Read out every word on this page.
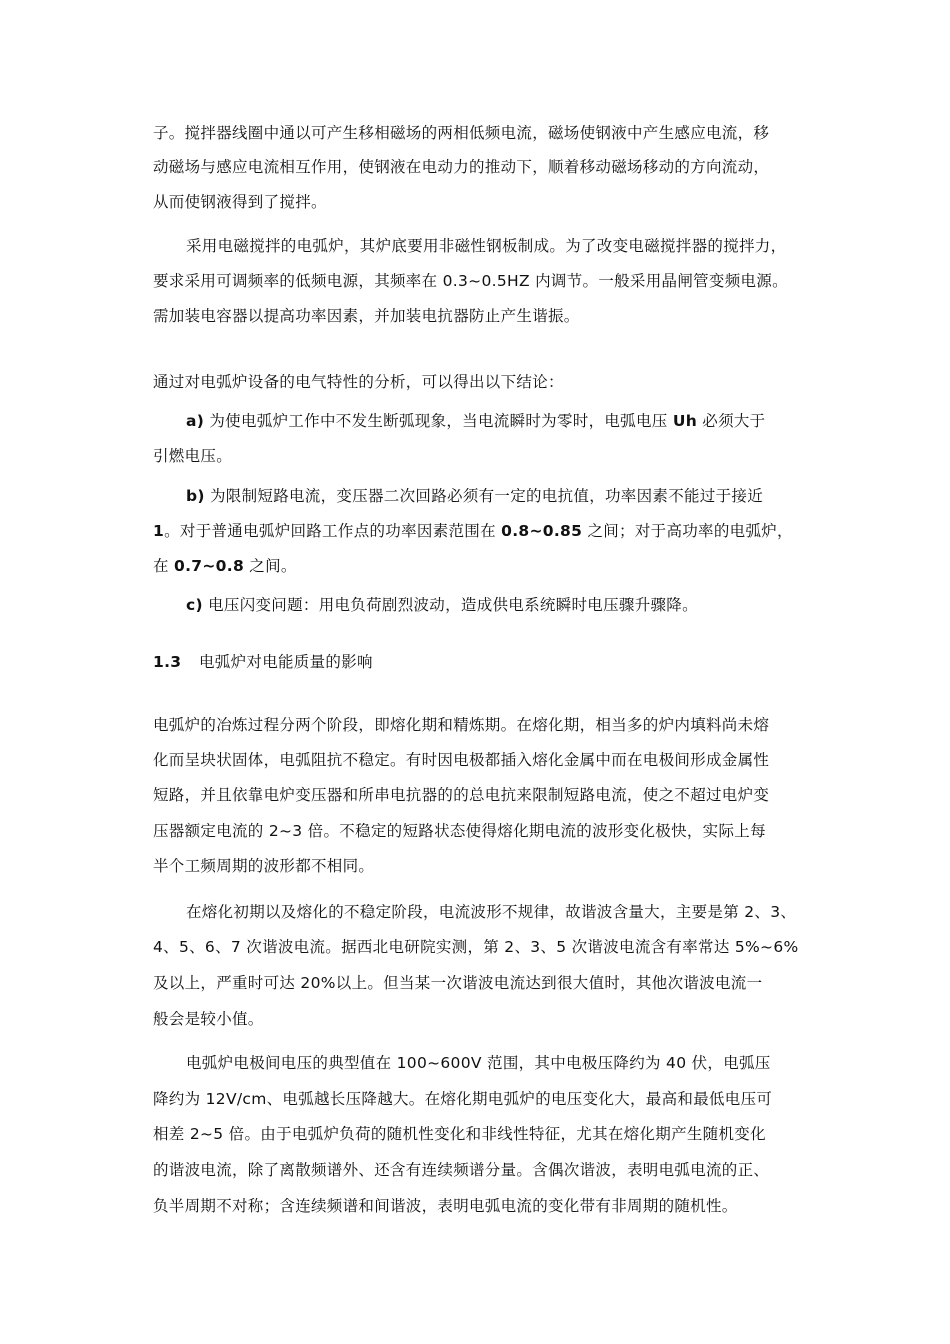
子。搅拌器线圈中通以可产生移相磁场的两相低频电流，磁场使钢液中产生感应电流，移
动磁场与感应电流相互作用，使钢液在电动力的推动下，顺着移动磁场移动的方向流动，
从而使钢液得到了搅拌。
采用电磁搅拌的电弧炉，其炉底要用非磁性钢板制成。为了改变电磁搅拌器的搅拌力，
要求采用可调频率的低频电源，其频率在 0.3~0.5HZ 内调节。一般采用晶闸管变频电源。
需加装电容器以提高功率因素，并加装电抗器防止产生谐振。
通过对电弧炉设备的电气特性的分析，可以得出以下结论：
a) 为使电弧炉工作中不发生断弧现象，当电流瞬时为零时，电弧电压 Uh 必须大于
引燃电压。
b) 为限制短路电流，变压器二次回路必须有一定的电抗值，功率因素不能过于接近
1。对于普通电弧炉回路工作点的功率因素范围在 0.8~0.85 之间；对于高功率的电弧炉，
在 0.7~0.8 之间。
c) 电压闪变问题：用电负荷剧烈波动，造成供电系统瞬时电压骤升骤降。
1.3 电弧炉对电能质量的影响
电弧炉的冶炼过程分两个阶段，即熔化期和精炼期。在熔化期，相当多的炉内填料尚未熔
化而呈块状固体，电弧阻抗不稳定。有时因电极都插入熔化金属中而在电极间形成金属性
短路，并且依靠电炉变压器和所串电抗器的的总电抗来限制短路电流，使之不超过电炉变
压器额定电流的 2~3 倍。不稳定的短路状态使得熔化期电流的波形变化极快，实际上每
半个工频周期的波形都不相同。
在熔化初期以及熔化的不稳定阶段，电流波形不规律，故谐波含量大，主要是第 2、3、
4、5、6、7 次谐波电流。据西北电研院实测，第 2、3、5 次谐波电流含有率常达 5%~6%
及以上，严重时可达 20%以上。但当某一次谐波电流达到很大值时，其他次谐波电流一
般会是较小值。
电弧炉电极间电压的典型值在 100~600V 范围，其中电极压降约为 40 伏，电弧压
降约为 12V/cm、电弧越长压降越大。在熔化期电弧炉的电压变化大，最高和最低电压可
相差 2~5 倍。由于电弧炉负荷的随机性变化和非线性特征，尤其在熔化期产生随机变化
的谐波电流，除了离散频谱外、还含有连续频谱分量。含偶次谐波，表明电弧电流的正、
负半周期不对称；含连续频谱和间谐波，表明电弧电流的变化带有非周期的随机性。
